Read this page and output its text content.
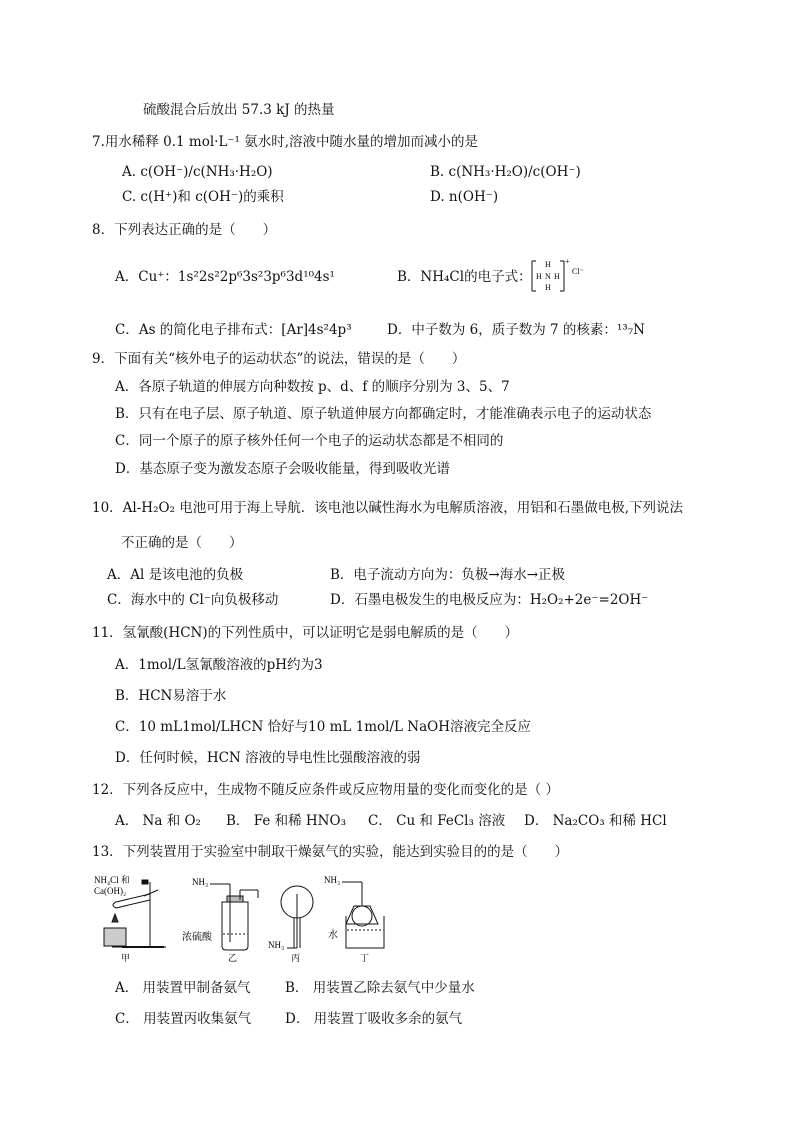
硫酸混合后放出 57.3 kJ 的热量
7.用水稀释 0.1 mol·L⁻¹ 氨水时,溶液中随水量的增加而减小的是
A. c(OH⁻)/c(NH₃·H₂O)	B. c(NH₃·H₂O)/c(OH⁻)
C. c(H⁺)和 c(OH⁻)的乘积	D. n(OH⁻)
8．下列表达正确的是（　　）
A．Cu⁺：1s²2s²2p⁶3s²3p⁶3d¹⁰4s¹	B．NH₄Cl的电子式：
H
H N H
H
+
Cl⁻
C．As 的简化电子排布式：[Ar]4s²4p³	D．中子数为 6，质子数为 7 的核素：¹³₇N
9．下面有关“核外电子的运动状态”的说法，错误的是（　　）
A．各原子轨道的伸展方向种数按 p、d、f 的顺序分别为 3、5、7
B．只有在电子层、原子轨道、原子轨道伸展方向都确定时，才能准确表示电子的运动状态
C．同一个原子的原子核外任何一个电子的运动状态都是不相同的
D．基态原子变为激发态原子会吸收能量，得到吸收光谱
10．Al-H₂O₂ 电池可用于海上导航．该电池以碱性海水为电解质溶液，用铝和石墨做电极,下列说法
不正确的是（　　）
A．Al 是该电池的负极	B．电子流动方向为：负极→海水→正极
C．海水中的 Cl⁻向负极移动	D．石墨电极发生的电极反应为：H₂O₂+2e⁻=2OH⁻
11．氢氰酸(HCN)的下列性质中，可以证明它是弱电解质的是（　　）
A．1mol/L氢氰酸溶液的pH约为3
B．HCN易溶于水
C．10 mL1mol/LHCN 恰好与10 mL 1mol/L NaOH溶液完全反应
D．任何时候，HCN 溶液的导电性比强酸溶液的弱
12．下列各反应中，生成物不随反应条件或反应物用量的变化而变化的是（ ）
A． Na 和 O₂ B． Fe 和稀 HNO₃ C． Cu 和 FeCl₃ 溶液 D． Na₂CO₃ 和稀 HCl
13．下列装置用于实验室中制取干燥氨气的实验，能达到实验目的的是（　　）
NH₄Cl 和
Ca(OH)₂
甲
NH₃
浓硫酸
乙
NH₃
丙
NH₃
水
丁
A． 用装置甲制备氨气	B． 用装置乙除去氨气中少量水
C． 用装置丙收集氨气	D． 用装置丁吸收多余的氨气
